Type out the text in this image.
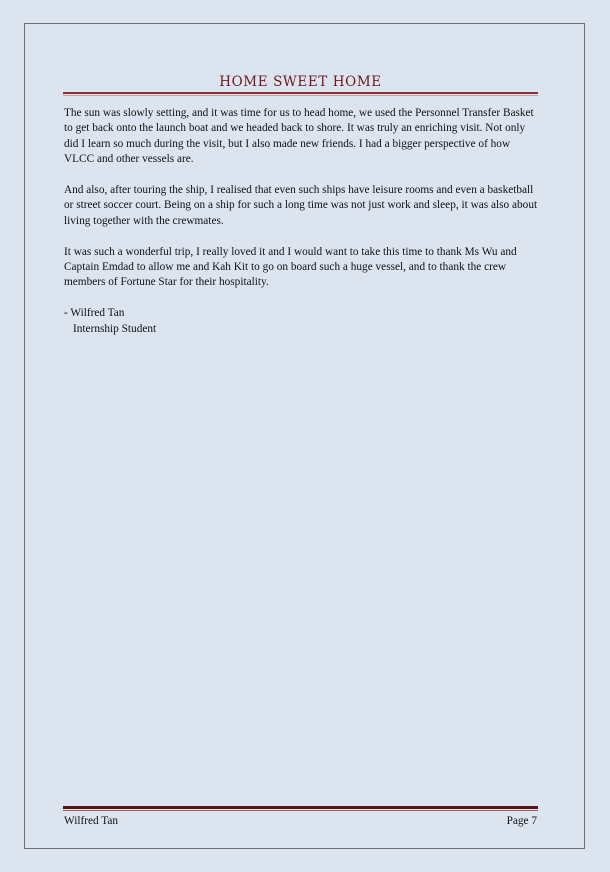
HOME SWEET HOME

The sun was slowly setting, and it was time for us to head home, we used the Personnel Transfer Basket to get back onto the launch boat and we headed back to shore. It was truly an enriching visit. Not only did I learn so much during the visit, but I also made new friends. I had a bigger perspective of how VLCC and other vessels are.

And also, after touring the ship, I realised that even such ships have leisure rooms and even a basketball or street soccer court. Being on a ship for such a long time was not just work and sleep, it was also about living together with the crewmates.

It was such a wonderful trip, I really loved it and I would want to take this time to thank Ms Wu and Captain Emdad to allow me and Kah Kit to go on board such a huge vessel, and to thank the crew members of Fortune Star for their hospitality.

- Wilfred Tan
Internship Student
Wilfred Tan	Page 7
